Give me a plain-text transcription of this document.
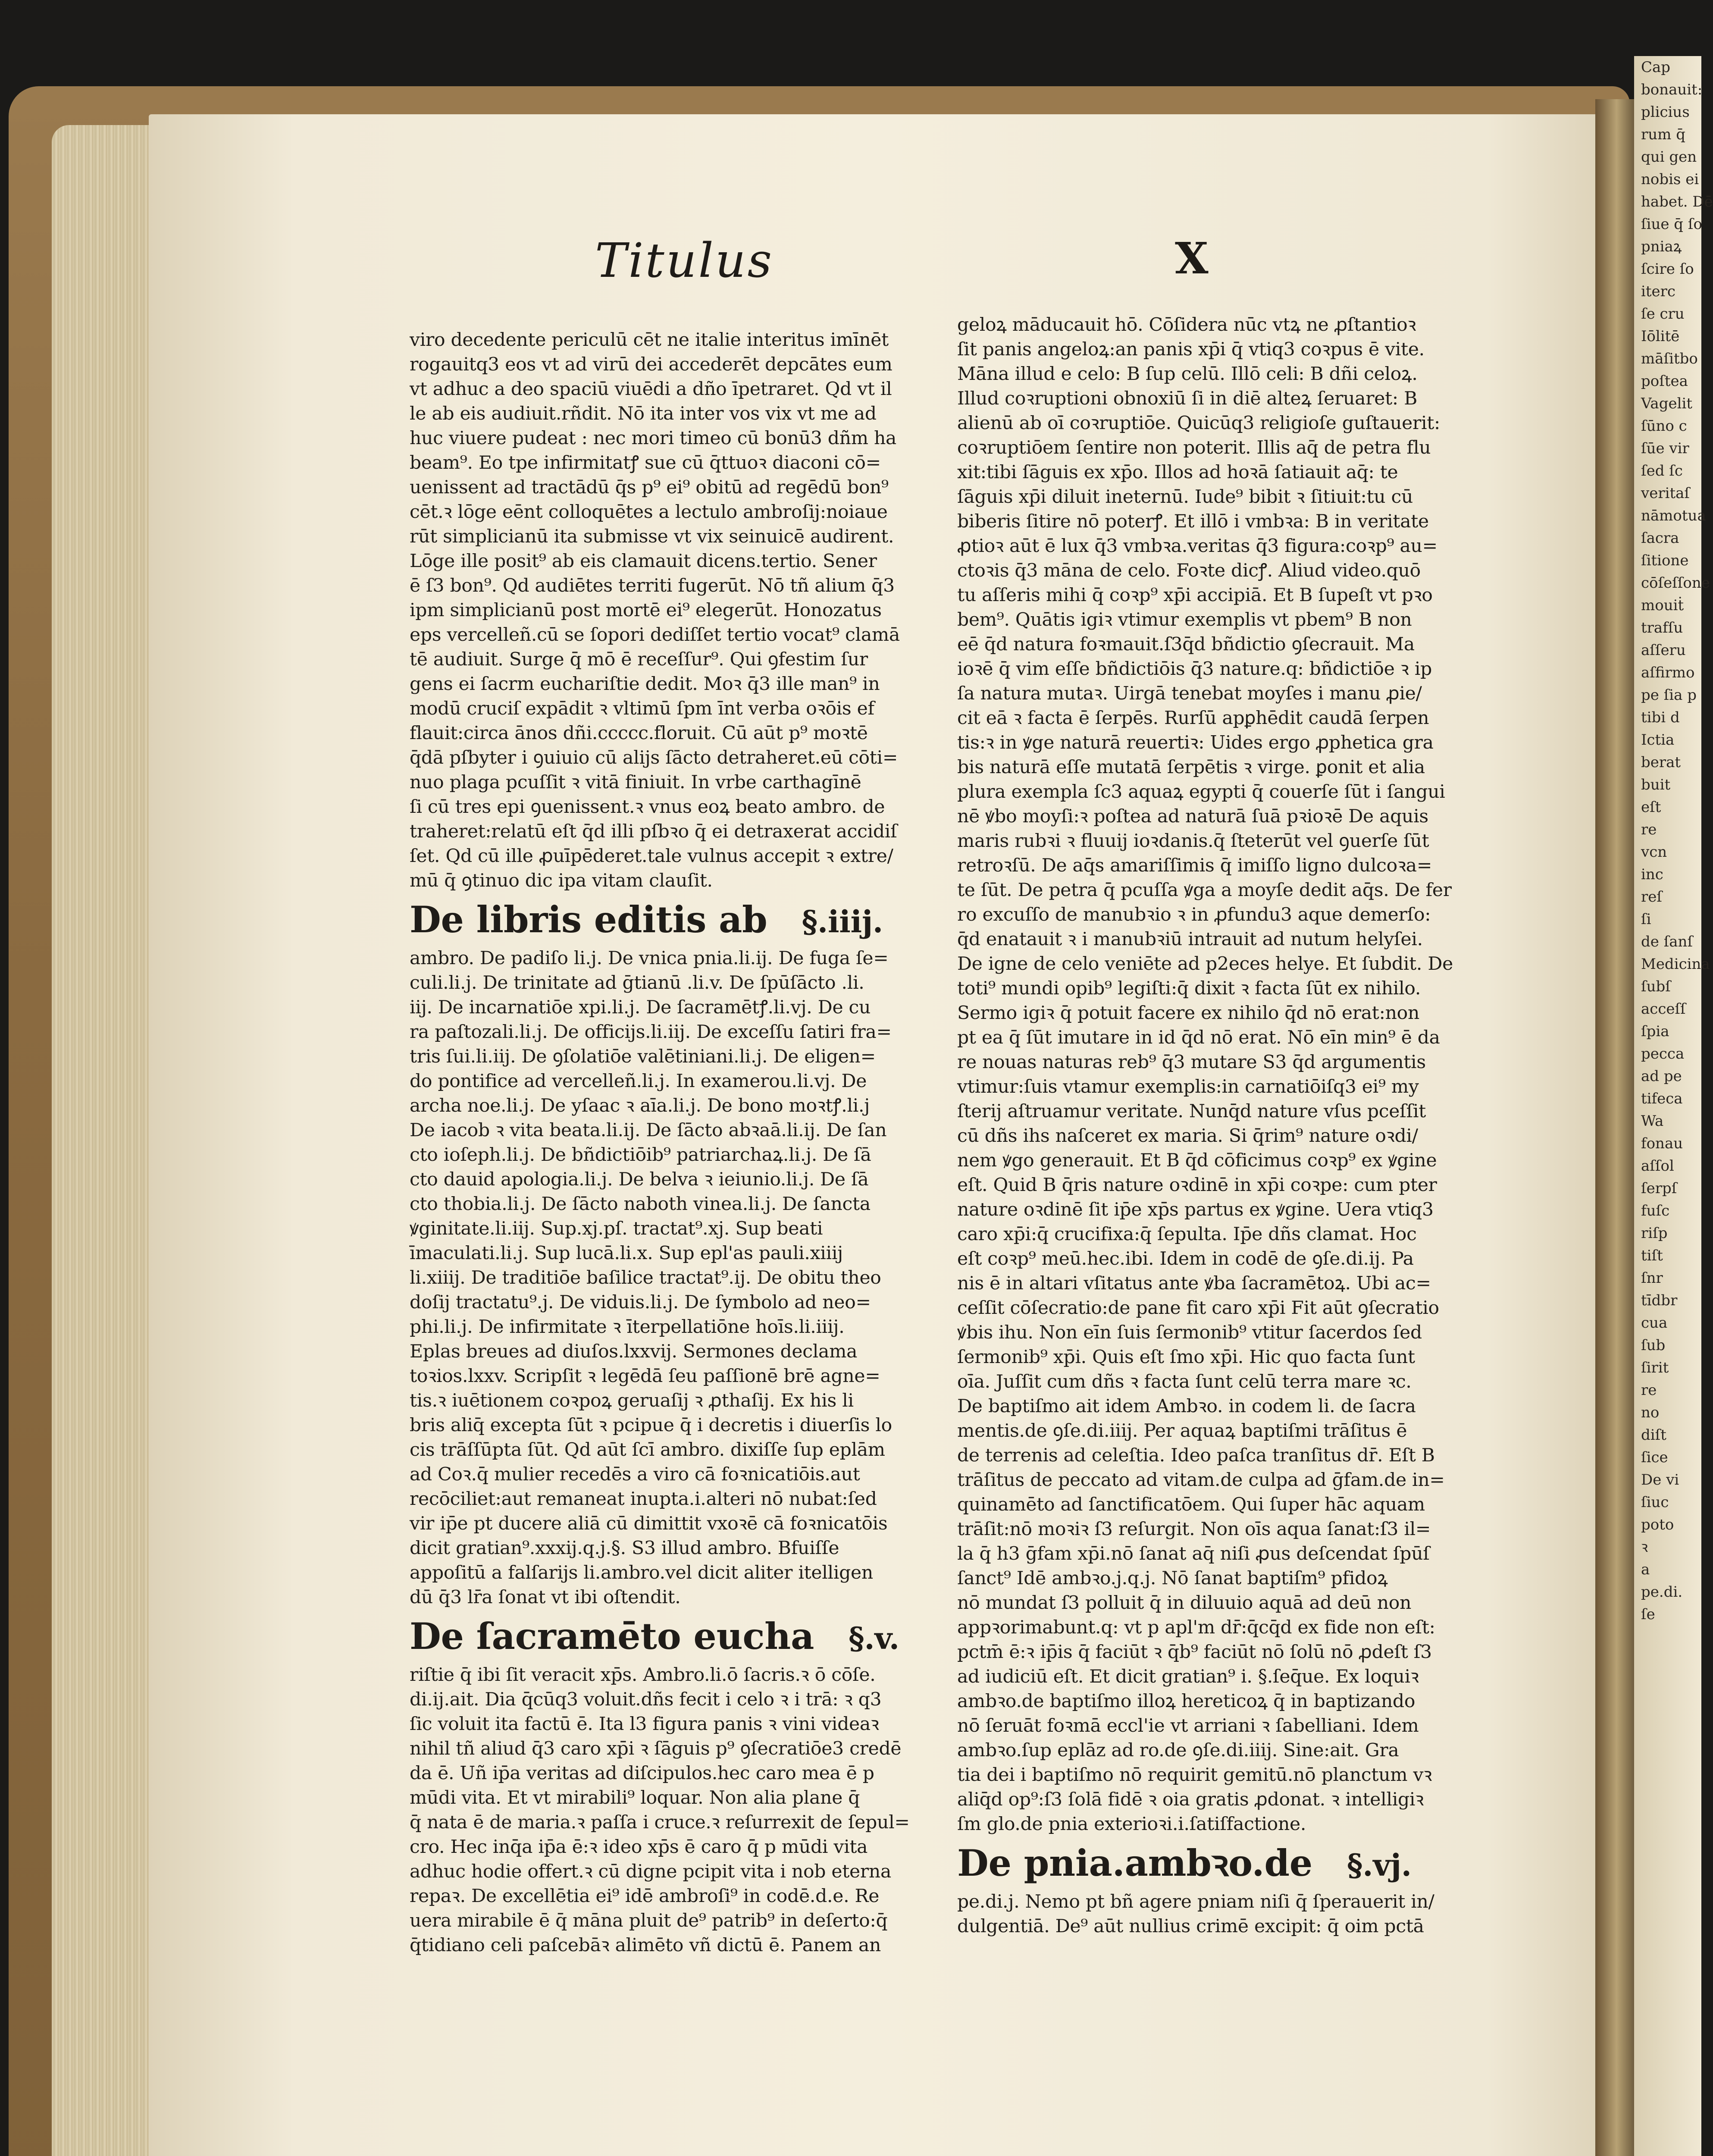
Cap
bonauit:
plicius
rum q̄
qui gen
nobis ei
habet. Dē
ſiue q̄ ſo
pniaꝝ
ſcire ſo
iterc
ſe cru
Iōlitē
māſitbo
poſtea
Vagelit
ſūno c
ſūe vir
ſed ſc
veritaſ
nāmotua
ſacra
ſitione
cōſeſſone
mouiṫ
trafſu
aſſeru
aſfirmo
pe ſia p
tibi d
Ictia
berat
buit
eſt
re
vcn
inc
reſ
ſi
de ſanſ
Medicina
ſubſ
acceſſ
ſpia
pecca
ad pe
tifeca
Wa
fonau
aſſol
ſerpſ
fuſc
riſp
tiſt
ſnr
tīdbr
cua
ſub
ſirit
re
no
diſt
ſice
De vi
ſiuc
poto
ꝛ
a
pe.di.
ſe
Titulus	X

viro decedente periculū cēt ne italie interitus imīnēt

rogauitq3 eos vt ad virū dei accederēt depcātes eum

vt adhuc a deo spaciū viuēdi a dño īpetraret. Qd vt il

le ab eis audiuit.rñdit. Nō ita inter vos vix vt me ad

huc viuere pudeat : nec mori timeo cū bonū3 dñm ha

beam⁹. Eo tpe infirmitatꝭ sue cū q̄ttuoꝛ diaconi cō=

uenissent ad tractādū q̄s p⁹ ei⁹ obitū ad regēdū bon⁹

cēt.ꝛ lōge eēnt colloquētes a lectulo ambroſij:noiaue

rūt simplicianū ita submisse vt vix seinuicē audirent.

Lōge ille posit⁹ ab eis clamauit dicens.tertio. Sener

ē ſ3 bon⁹. Qd audiētes territi fugerūt. Nō tñ alium q̄3

ipm simplicianū post mortē ei⁹ elegerūt. Honozatus

eps vercelleñ.cū se ſopori dediſſet tertio vocat⁹ clamā

tē audiuit. Surge q̄ mō ē receſſur⁹. Qui ꝯfestim ſur

gens ei ſacrm euchariſtie dedit. Moꝛ q̄3 ille man⁹ in

modū cruciſ expādit ꝛ vltimū ſpm īnt verba oꝛōis ef

flauit:circa ānos dñi.ccccc.floruit. Cū aūt p⁹ moꝛtē

q̄dā pſbyter i ꝯuiuio cū alijs ſācto detraheret.eū cōti=

nuo plaga pcuſſit ꝛ vitā finiuit. In vrbe carthagīnē

ſi cū tres epi ꝯuenissent.ꝛ vnus eoꝝ beato ambro. de

traheret:relatū eſt q̄d illi pſbꝛo q̄ ei detraxerat accidiſ

ſet. Qd cū ille ꝓuīpēderet.tale vulnus accepit ꝛ extre/

mū q̄ ꝯtinuo dic ipa vitam clauſit.

De libris editis ab §.iiij.

ambro. De padiſo li.j. De vnica pnia.li.ij. De fuga ſe=

culi.li.j. De trinitate ad ḡtianū .li.v. De ſpūſācto .li.

iij. De incarnatiōe xpi.li.j. De ſacramētꝭ.li.vj. De cu

ra paſtozali.li.j. De officijs.li.iij. De exceſſu ſatiri fra=

tris ſui.li.iij. De ꝯſolatiōe valētiniani.li.j. De eligen=

do pontifice ad vercelleñ.li.j. In examerou.li.vj. De

archa noe.li.j. De yſaac ꝛ aīa.li.j. De bono moꝛtꝭ.li.j

De iacob ꝛ vita beata.li.ij. De ſācto abꝛaā.li.ij. De ſan

cto ioſeph.li.j. De bñdictiōib⁹ patriarchaꝝ.li.j. De ſā

cto dauid apologia.li.j. De belva ꝛ ieiunio.li.j. De ſā

cto thobia.li.j. De ſācto naboth vinea.li.j. De ſancta

ꝟginitate.li.iij. Sup.xj.pſ. tractat⁹.xj. Sup beati

īmaculati.li.j. Sup lucā.li.x. Sup epl'as pauli.xiiij

li.xiiij. De traditiōe baſilice tractat⁹.ij. De obitu theo

doſij tractatu⁹.j. De viduis.li.j. De ſymbolo ad neo=

phi.li.j. De infirmitate ꝛ īterpellatiōne hoīs.li.iiij.

Eplas breues ad diuſos.lxxvij. Sermones declama

toꝛios.lxxv. Scripſit ꝛ legēdā ſeu paſſionē brē agne=

tis.ꝛ iuētionem coꝛpoꝝ geruaſij ꝛ ꝓthaſij. Ex his li

bris aliq̄ excepta ſūt ꝛ pcipue q̄ i decretis i diuerſis lo

cis trāſſūpta ſūt. Qd aūt ſcī ambro. dixiſſe ſup eplām

ad Coꝛ.q̄ mulier recedēs a viro cā foꝛnicatiōis.aut

recōciliet:aut remaneat inupta.i.alteri nō nubat:ſed

vir ip̄e pt ducere aliā cū dimittit vxoꝛē cā foꝛnicatōis

dicit gratian⁹.xxxij.q.j.§. S3 illud ambro. Bfuiſſe

appoſitū a falſarijs li.ambro.vel dicit aliter itelligen

dū q̄3 lr̄a ſonat vt ibi oſtendit.

De ſacramēto eucha §.v.

riſtie q̄ ibi ſit veracit xp̄s. Ambro.li.ō ſacris.ꝛ ō cōſe.

di.ij.ait. Dia q̄cūq3 voluit.dñs fecit i celo ꝛ i trā: ꝛ q3

ſic voluit ita factū ē. Ita l3 figura panis ꝛ vini videaꝛ

nihil tñ aliud q̄3 caro xp̄i ꝛ ſāguis p⁹ ꝯſecratiōe3 credē

da ē. Uñ ip̄a veritas ad diſcipulos.hec caro mea ē p

mūdi vita. Et vt mirabili⁹ loquar. Non alia plane q̄

q̄ nata ē de maria.ꝛ paſſa i cruce.ꝛ reſurrexit de ſepul=

cro. Hec inq̄a ip̄a ē:ꝛ ideo xp̄s ē caro q̄ p mūdi vita

adhuc hodie offert.ꝛ cū digne pcipit vita i nob eterna

repaꝛ. De excellētia ei⁹ idē ambroſi⁹ in codē.d.e. Re

uera mirabile ē q̄ māna pluit de⁹ patrib⁹ in deſerto:q̄

q̄tidiano celi paſcebāꝛ alimēto vñ dictū ē. Panem an

geloꝝ māducauit hō. Cōſidera nūc vtꝝ ne ꝓſtantioꝛ

ſit panis angeloꝝ:an panis xp̄i q̄ vtiq3 coꝛpus ē vite.

Māna illud e celo: B ſup celū. Illō celi: B dñi celoꝝ.

Illud coꝛruptioni obnoxiū ſi in diē alteꝝ ſeruaret: B

alienū ab oī coꝛruptiōe. Quicūq3 religioſe guſtauerit:

coꝛruptiōem ſentire non poterit. Illis aq̄ de petra flu

xit:tibi ſāguis ex xp̄o. Illos ad hoꝛā ſatiauit aq̄: te

ſāguis xp̄i diluit ineternū. Iude⁹ bibit ꝛ ſitiuit:tu cū

biberis ſitire nō poterꝭ. Et illō i vmbꝛa: B in veritate

ꝓtioꝛ aūt ē lux q̄3 vmbꝛa.veritas q̄3 figura:coꝛp⁹ au=

ctoꝛis q̄3 māna de celo. Foꝛte dicꝭ. Aliud video.quō

tu aſſeris mihi q̄ coꝛp⁹ xp̄i accipiā. Et B ſupeſt vt pꝛo

bem⁹. Quātis igiꝛ vtimur exemplis vt pbem⁹ B non

eē q̄d natura foꝛmauit.ſ3q̄d bñdictio ꝯſecrauit. Ma

ioꝛē q̄ vim eſſe bñdictiōis q̄3 nature.q: bñdictiōe ꝛ ip

ſa natura mutaꝛ. Uirgā tenebat moyſes i manu ꝓie/

cit eā ꝛ facta ē ſerpēs. Rurſū apꝑhēdit caudā ſerpen

tis:ꝛ in ꝟge naturā reuertiꝛ: Uides ergo ꝓphetica gra

bis naturā eſſe mutatā ſerpētis ꝛ virge. ꝑonit et alia

plura exempla ſc3 aquaꝝ egypti q̄ couerſe ſūt i ſangui

nē ꝟbo moyſi:ꝛ poſtea ad naturā ſuā pꝛioꝛē De aquis

maris rubꝛi ꝛ fluuij ioꝛdanis.q̄ ſteterūt vel ꝯuerſe ſūt

retroꝛſū. De aq̄s amariſſimis q̄ imiſſo ligno dulcoꝛa=

te ſūt. De petra q̄ pcuſſa ꝟga a moyſe dedit aq̄s. De fer

ro excuſſo de manubꝛio ꝛ in ꝓfundu3 aque demerſo:

q̄d enatauit ꝛ i manubꝛiū intrauit ad nutum helyſei.

De igne de celo veniēte ad p2eces helye. Et ſubdit. De

toti⁹ mundi opib⁹ legiſti:q̄ dixit ꝛ facta ſūt ex nihilo.

Sermo igiꝛ q̄ potuit facere ex nihilo q̄d nō erat:non

pt ea q̄ ſūt imutare in id q̄d nō erat. Nō eīn min⁹ ē da

re nouas naturas reb⁹ q̄3 mutare S3 q̄d argumentis

vtimur:ſuis vtamur exemplis:in carnatiōiſq3 ei⁹ my

ſterij aſtruamur veritate. Nunq̄d nature vſus pceſſit

cū dñs ihs naſceret ex maria. Si q̄rim⁹ nature oꝛdi/

nem ꝟgo generauit. Et B q̄d cōficimus coꝛp⁹ ex ꝟgine

eſt. Quid B q̄ris nature oꝛdinē in xp̄i coꝛpe: cum pter

nature oꝛdinē ſit ip̄e xp̄s partus ex ꝟgine. Uera vtiq3

caro xp̄i:q̄ crucifixa:q̄ ſepulta. Ip̄e dñs clamat. Hoc

eſt coꝛp⁹ meū.hec.ibi. Idem in codē de ꝯſe.di.ij. Pa

nis ē in altari vſitatus ante ꝟba ſacramētoꝝ. Ubi ac=

ceſſit cōſecratio:de pane fit caro xp̄i Fit aūt ꝯſecratio

ꝟbis ihu. Non eīn ſuis ſermonib⁹ vtitur ſacerdos ſed

ſermonib⁹ xp̄i. Quis eſt ſmo xp̄i. Hic quo facta ſunt

oīa. Juſſit cum dñs ꝛ facta ſunt celū terra mare ꝛc.

De baptiſmo ait idem Ambꝛo. in codem li. de ſacra

mentis.de ꝯſe.di.iiij. Per aquaꝝ baptiſmi trāſitus ē

de terrenis ad celeſtia. Ideo paſca tranſitus dr̄. Eſt B

trāſitus de peccato ad vitam.de culpa ad ḡfam.de in=

quinamēto ad ſanctificatōem. Qui ſuper hāc aquam

trāſit:nō moꝛiꝛ ſ3 reſurgit. Non oīs aqua ſanat:ſ3 il=

la q̄ h3 ḡfam xp̄i.nō ſanat aq̄ niſi ꝓus deſcendat ſpūſ

ſanct⁹ Idē ambꝛo.j.q.j. Nō ſanat baptiſm⁹ pfidoꝝ

nō mundat ſ3 polluit q̄ in diluuio aquā ad deū non

appꝛorimabunt.q: vt p apl'm dr̄:q̄cq̄d ex fide non eſt:

pctm̄ ē:ꝛ ip̄is q̄ faciūt ꝛ q̄b⁹ faciūt nō ſolū nō ꝓdeſt ſ3

ad iudiciū eſt. Et dicit gratian⁹ i. §.ſeq̄ue. Ex loquiꝛ

ambꝛo.de baptiſmo illoꝝ hereticoꝝ q̄ in baptizando

nō ſeruāt foꝛmā eccl'ie vt arriani ꝛ ſabelliani. Idem

ambꝛo.ſup eplāz ad ro.de ꝯſe.di.iiij. Sine:ait. Gra

tia dei i baptiſmo nō requirit gemitū.nō planctum vꝛ

aliq̄d op⁹:ſ3 ſolā fidē ꝛ oia gratis ꝓdonat. ꝛ intelligiꝛ

ſm glo.de pnia exterioꝛi.i.ſatiſfactione.

De pnia.ambꝛo.de §.vj.

pe.di.j. Nemo pt bñ agere pniam niſi q̄ ſperauerit in/

dulgentiā. De⁹ aūt nullius crimē excipit: q̄ oim pctā
